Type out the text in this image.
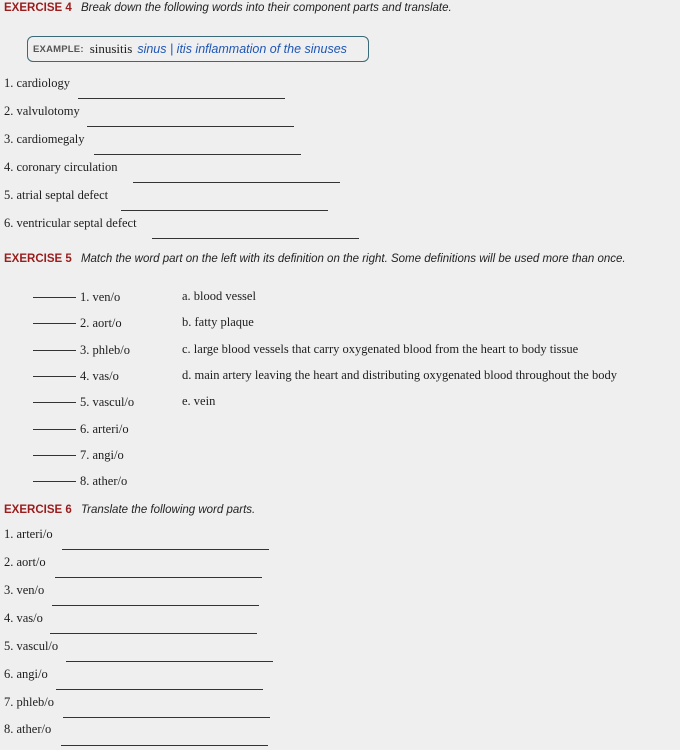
EXERCISE 4 Break down the following words into their component parts and translate.
EXAMPLE: sinusitis sinus | itis inflammation of the sinuses
1. cardiology
2. valvulotomy
3. cardiomegaly
4. coronary circulation
5. atrial septal defect
6. ventricular septal defect
EXERCISE 5 Match the word part on the left with its definition on the right. Some definitions will be used more than once.
1. ven/o
2. aort/o
3. phleb/o
4. vas/o
5. vascul/o
6. arteri/o
7. angi/o
8. ather/o
a. blood vessel
b. fatty plaque
c. large blood vessels that carry oxygenated blood from the heart to body tissue
d. main artery leaving the heart and distributing oxygenated blood throughout the body
e. vein
EXERCISE 6 Translate the following word parts.
1. arteri/o
2. aort/o
3. ven/o
4. vas/o
5. vascul/o
6. angi/o
7. phleb/o
8. ather/o
